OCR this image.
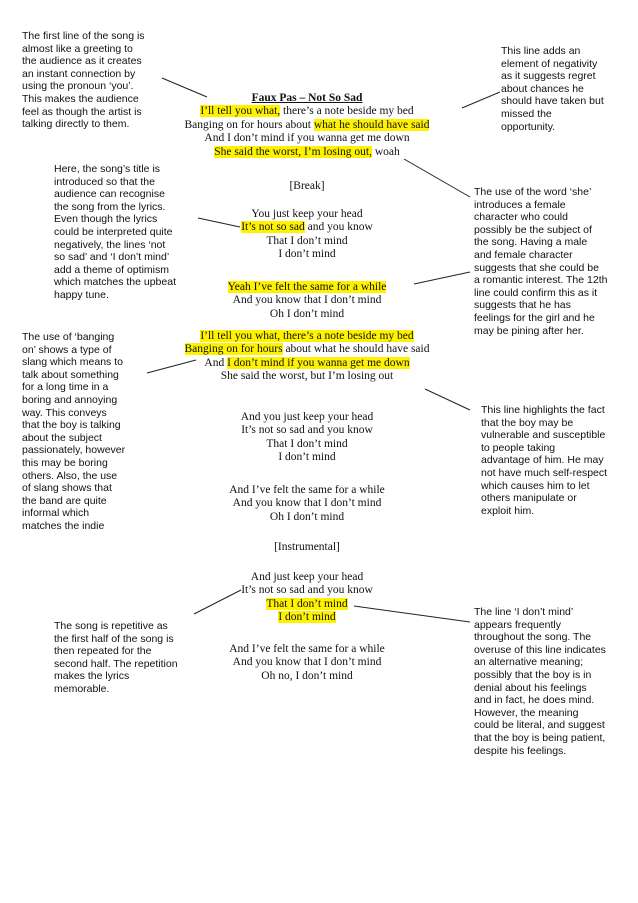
The first line of the song is
almost like a greeting to
the audience as it creates
an instant connection by
using the pronoun ‘you’.
This makes the audience
feel as though the artist is
talking directly to them.
This line adds an
element of negativity
as it suggests regret
about chances he
should have taken but
missed the
opportunity.
Here, the song’s title is
introduced so that the
audience can recognise
the song from the lyrics.
Even though the lyrics
could be interpreted quite
negatively, the lines ‘not
so sad’ and ‘I don’t mind’
add a theme of optimism
which matches the upbeat
happy tune.
The use of the word ‘she’
introduces a female
character who could
possibly be the subject of
the song. Having a male
and female character
suggests that she could be
a romantic interest. The 12th
line could confirm this as it
suggests that he has
feelings for the girl and he
may be pining after her.
The use of ‘banging
on’ shows a type of
slang which means to
talk about something
for a long time in a
boring and annoying
way. This conveys
that the boy is talking
about the subject
passionately, however
this may be boring
others. Also, the use
of slang shows that
the band are quite
informal which
matches the indie
This line highlights the fact
that the boy may be
vulnerable and susceptible
to people taking
advantage of him. He may
not have much self-respect
which causes him to let
others manipulate or
exploit him.
The song is repetitive as
the first half of the song is
then repeated for the
second half. The repetition
makes the lyrics
memorable.
The line ‘I don’t mind’
appears frequently
throughout the song. The
overuse of this line indicates
an alternative meaning;
possibly that the boy is in
denial about his feelings
and in fact, he does mind.
However, the meaning
could be literal, and suggest
that the boy is being patient,
despite his feelings.
Faux Pas – Not So Sad
I’ll tell you what, there’s a note beside my bed
Banging on for hours about what he should have said
And I don’t mind if you wanna get me down
She said the worst, I’m losing out, woah
[Break]
You just keep your head
It’s not so sad and you know
That I don’t mind
I don’t mind
Yeah I’ve felt the same for a while
And you know that I don’t mind
Oh I don’t mind
I’ll tell you what, there’s a note beside my bed
Banging on for hours about what he should have said
And I don’t mind if you wanna get me down
She said the worst, but I’m losing out
And you just keep your head
It’s not so sad and you know
That I don’t mind
I don’t mind
And I’ve felt the same for a while
And you know that I don’t mind
Oh I don’t mind
[Instrumental]
And just keep your head
It’s not so sad and you know
That I don’t mind
I don’t mind
And I’ve felt the same for a while
And you know that I don’t mind
Oh no, I don’t mind
